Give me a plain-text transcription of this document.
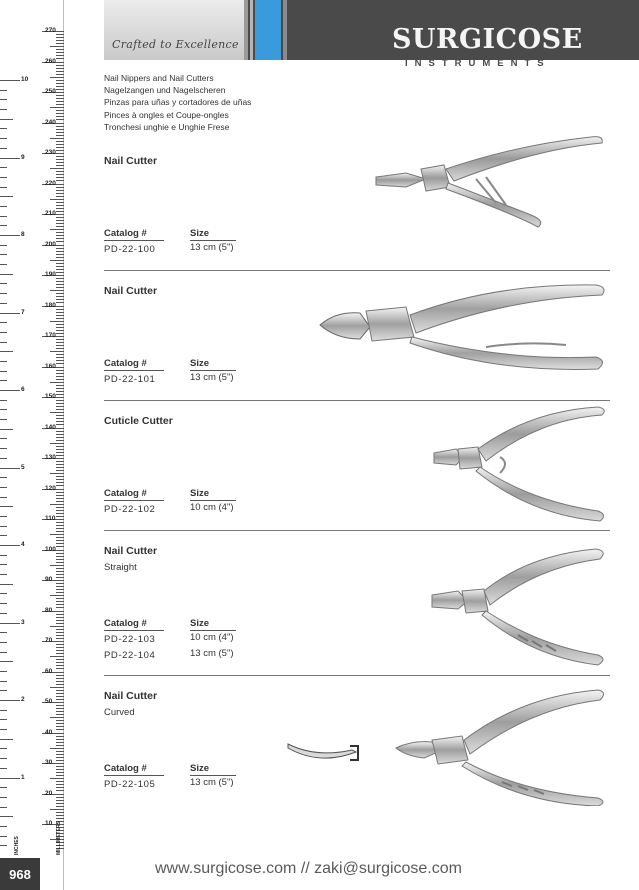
270
260
250
240
230
220
210
200
190
180
170
160
150
140
130
120
110
100
90
80
70
60
50
40
30
20
10
10
9
8
7
6
5
4
3
2
1
INCHES	MILLIMETERS
968
Crafted to Excellence	SURGICOSE
INSTRUMENTS
Nail Nippers and Nail Cutters
Nagelzangen und Nagelscheren
Pinzas para uñas y cortadores de uñas
Pinces à ongles et Coupe-ongles
Tronchesi unghie e Unghie Frese
Nail Cutter
Catalog #	Size
PD-22-100	13 cm (5")
Nail Cutter
Catalog #	Size
PD-22-101	13 cm (5")
Cuticle Cutter
Catalog #	Size
PD-22-102	10 cm (4")
Nail Cutter
Straight
Catalog #	Size
PD-22-103	10 cm (4")
PD-22-104	13 cm (5")
Nail Cutter
Curved
Catalog #	Size
PD-22-105	13 cm (5")
www.surgicose.com // zaki@surgicose.com
